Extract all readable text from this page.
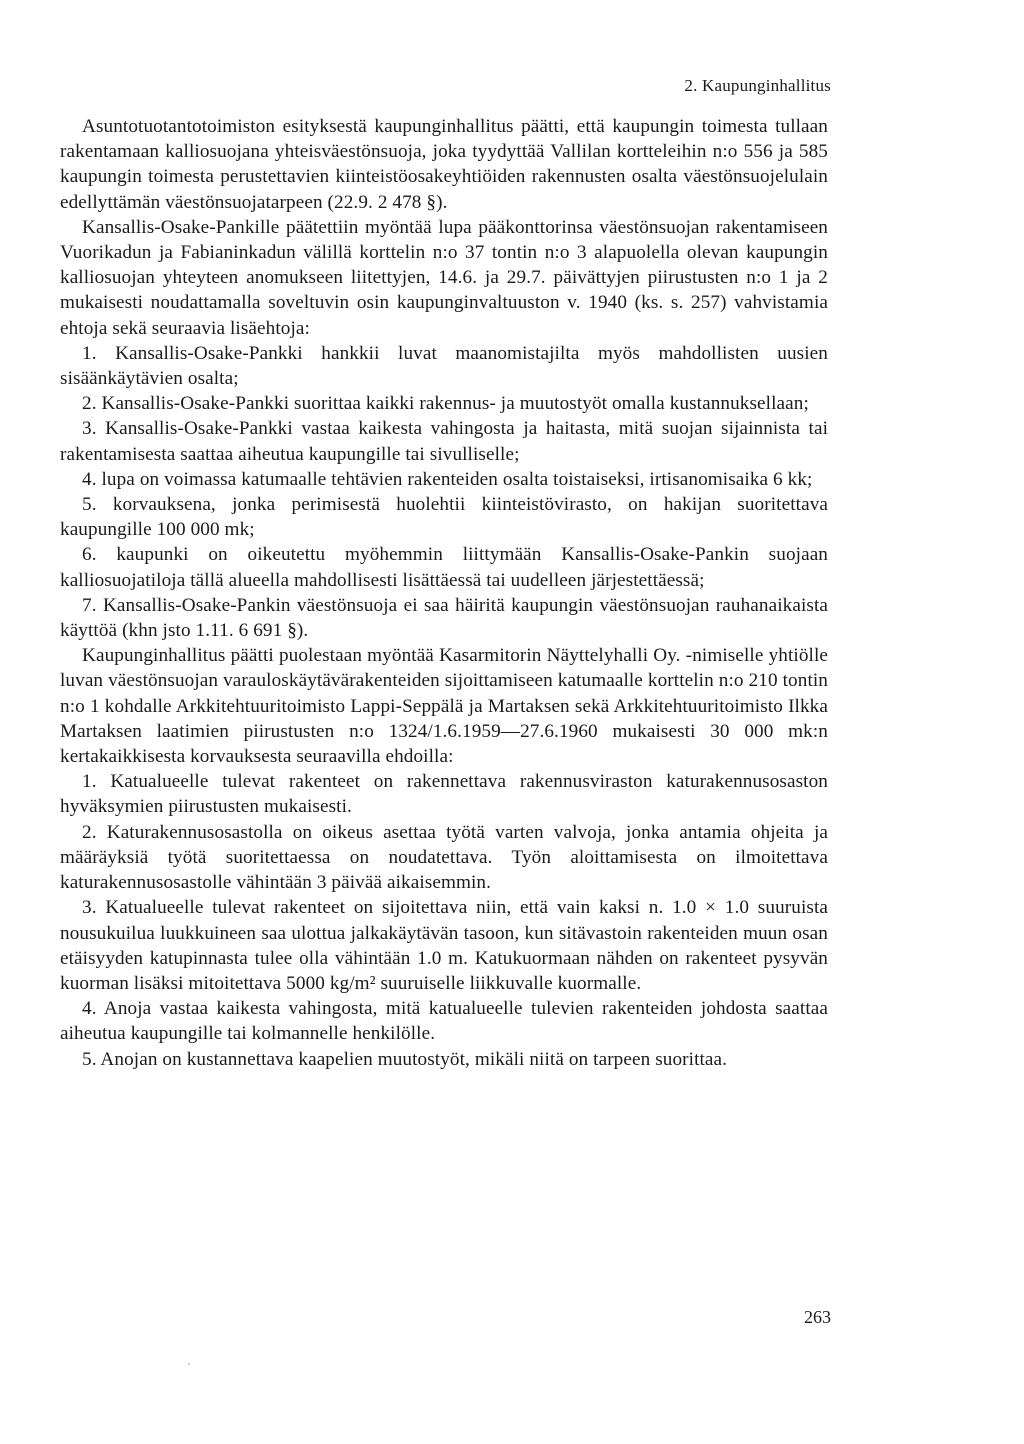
2. Kaupunginhallitus

Asuntotuotantotoimiston esityksestä kaupunginhallitus päätti, että kaupungin toimesta tullaan rakentamaan kalliosuojana yhteisväestönsuoja, joka tyydyttää Vallilan kortteleihin n:o 556 ja 585 kaupungin toimesta perustettavien kiinteistöosakeyhtiöiden rakennusten osalta väestönsuojelulain edellyttämän väestönsuojatarpeen (22.9. 2 478 §).

Kansallis-Osake-Pankille päätettiin myöntää lupa pääkonttorinsa väestönsuojan rakentamiseen Vuorikadun ja Fabianinkadun välillä korttelin n:o 37 tontin n:o 3 alapuolella olevan kaupungin kalliosuojan yhteyteen anomukseen liitettyjen, 14.6. ja 29.7. päivättyjen piirustusten n:o 1 ja 2 mukaisesti noudattamalla soveltuvin osin kaupunginvaltuuston v. 1940 (ks. s. 257) vahvistamia ehtoja sekä seuraavia lisäehtoja:

1. Kansallis-Osake-Pankki hankkii luvat maanomistajilta myös mahdollisten uusien sisäänkäytävien osalta;

2. Kansallis-Osake-Pankki suorittaa kaikki rakennus- ja muutostyöt omalla kustannuksellaan;

3. Kansallis-Osake-Pankki vastaa kaikesta vahingosta ja haitasta, mitä suojan sijainnista tai rakentamisesta saattaa aiheutua kaupungille tai sivulliselle;

4. lupa on voimassa katumaalle tehtävien rakenteiden osalta toistaiseksi, irtisanomisaika 6 kk;

5. korvauksena, jonka perimisestä huolehtii kiinteistövirasto, on hakijan suoritettava kaupungille 100 000 mk;

6. kaupunki on oikeutettu myöhemmin liittymään Kansallis-Osake-Pankin suojaan kalliosuojatiloja tällä alueella mahdollisesti lisättäessä tai uudelleen järjestettäessä;

7. Kansallis-Osake-Pankin väestönsuoja ei saa häiritä kaupungin väestönsuojan rauhanaikaista käyttöä (khn jsto 1.11. 6 691 §).

Kaupunginhallitus päätti puolestaan myöntää Kasarmitorin Näyttelyhalli Oy. -nimiselle yhtiölle luvan väestönsuojan varauloskäytävärakenteiden sijoittamiseen katumaalle korttelin n:o 210 tontin n:o 1 kohdalle Arkkitehtuuritoimisto Lappi-Seppälä ja Martaksen sekä Arkkitehtuuritoimisto Ilkka Martaksen laatimien piirustusten n:o 1324/1.6.1959—27.6.1960 mukaisesti 30 000 mk:n kertakaikkisesta korvauksesta seuraavilla ehdoilla:

1. Katualueelle tulevat rakenteet on rakennettava rakennusviraston katurakennusosaston hyväksymien piirustusten mukaisesti.

2. Katurakennusosastolla on oikeus asettaa työtä varten valvoja, jonka antamia ohjeita ja määräyksiä työtä suoritettaessa on noudatettava. Työn aloittamisesta on ilmoitettava katurakennusosastolle vähintään 3 päivää aikaisemmin.

3. Katualueelle tulevat rakenteet on sijoitettava niin, että vain kaksi n. 1.0 × 1.0 suuruista nousukuilua luukkuineen saa ulottua jalkakäytävän tasoon, kun sitävastoin rakenteiden muun osan etäisyyden katupinnasta tulee olla vähintään 1.0 m. Katukuormaan nähden on rakenteet pysyvän kuorman lisäksi mitoitettava 5000 kg/m² suuruiselle liikkuvalle kuormalle.

4. Anoja vastaa kaikesta vahingosta, mitä katualueelle tulevien rakenteiden johdosta saattaa aiheutua kaupungille tai kolmannelle henkilölle.

5. Anojan on kustannettava kaapelien muutostyöt, mikäli niitä on tarpeen suorittaa.

263
